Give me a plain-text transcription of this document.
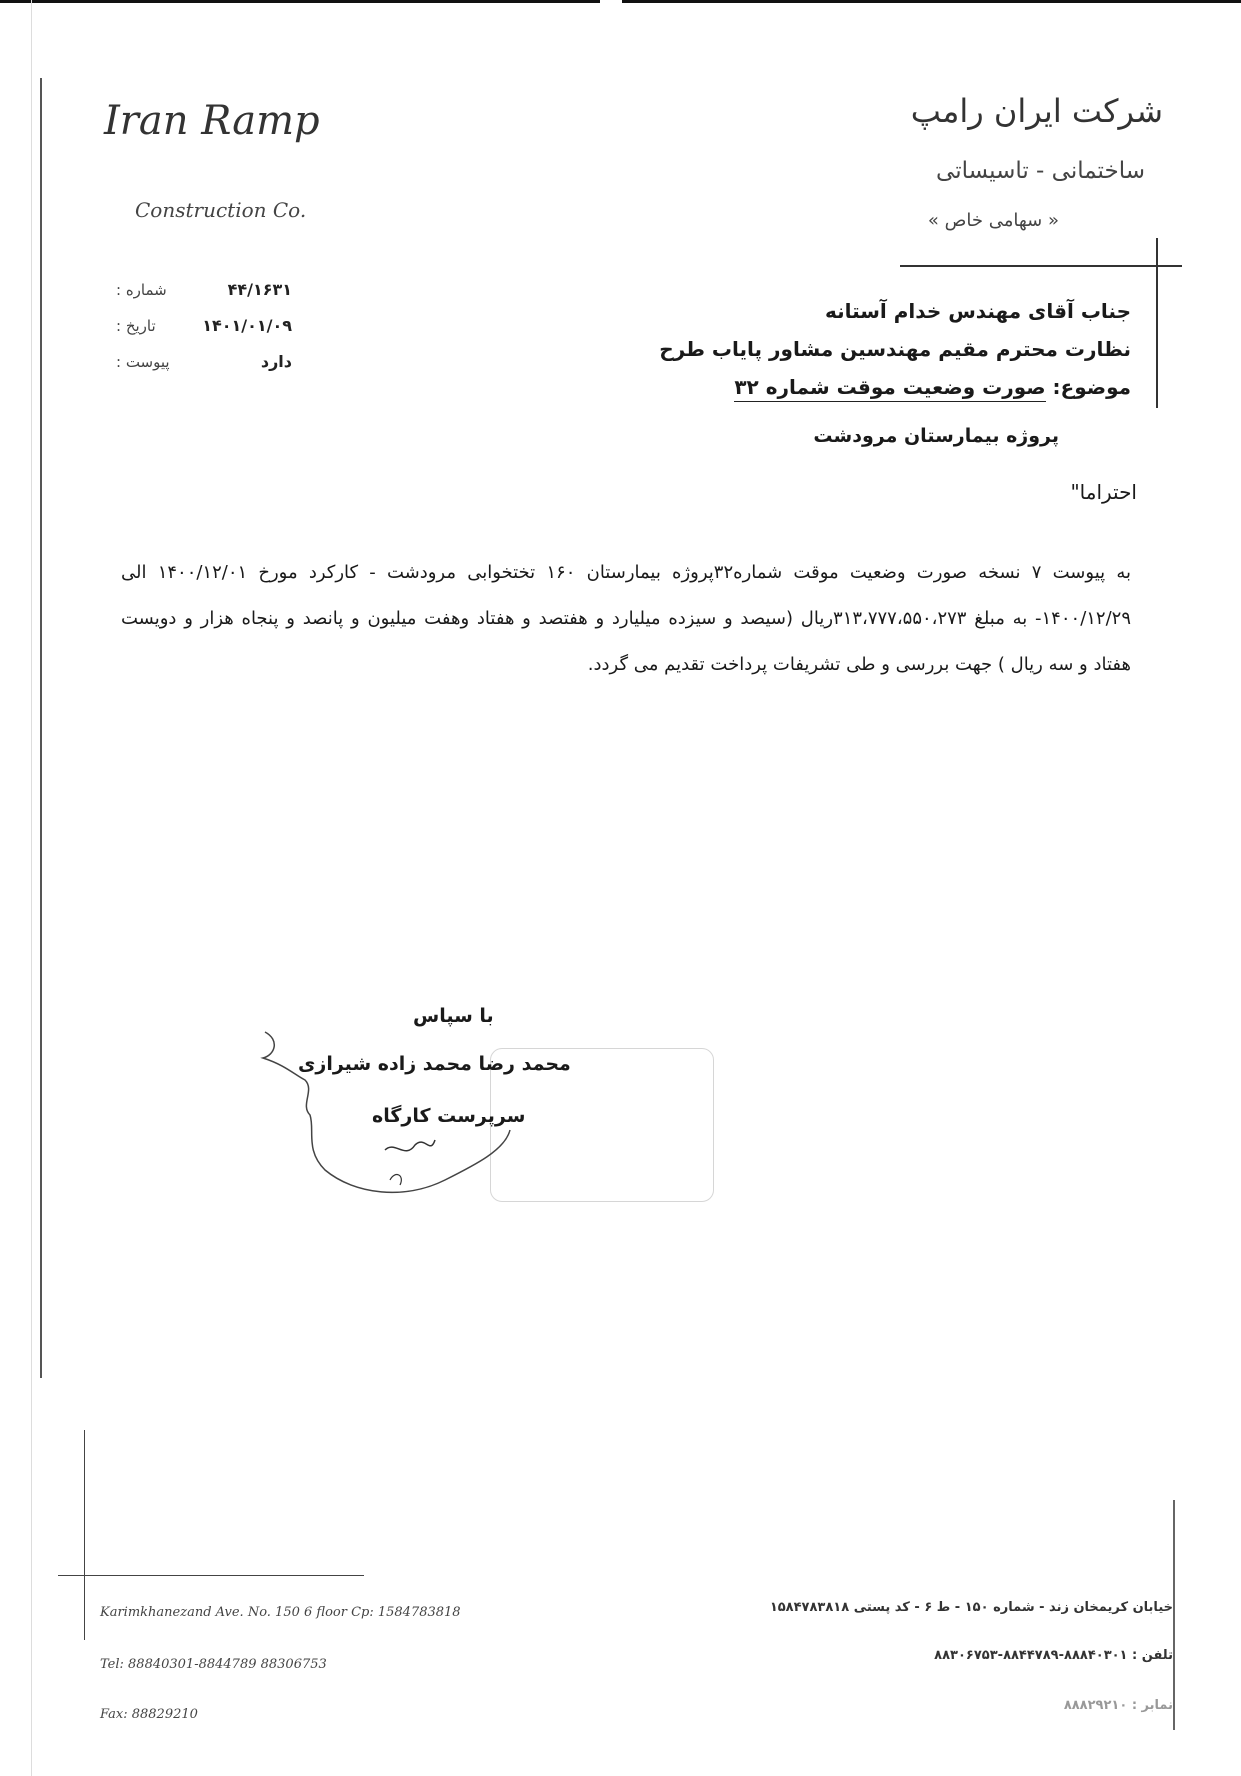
Iran Ramp
Construction Co.
شرکت ایران رامپ
ساختمانی - تاسیساتی
« سهامی خاص »
شماره :	۴۴/۱۶۳۱
تاریخ :	۱۴۰۱/۰۱/۰۹
پیوست :	دارد
جناب آقای مهندس خدام آستانه
نظارت محترم مقیم مهندسین مشاور پایاب طرح
موضوع: صورت وضعیت موقت شماره ۳۲
پروژه بیمارستان مرودشت
احتراما"
به پیوست ۷ نسخه صورت وضعیت موقت شماره۳۲پروژه بیمارستان ۱۶۰ تختخوابی مرودشت - کارکرد مورخ ۱۴۰۰/۱۲/۰۱ الی ۱۴۰۰/۱۲/۲۹- به مبلغ ۳۱۳،۷۷۷،۵۵۰،۲۷۳ریال (سیصد و سیزده میلیارد و هفتصد و هفتاد وهفت میلیون و پانصد و پنجاه هزار و دویست هفتاد و سه ریال ) جهت بررسی و طی تشریفات پرداخت تقدیم می گردد.
با سپاس
محمد رضا محمد زاده شیرازی
سرپرست کارگاه
Karimkhanezand Ave. No. 150 6 floor Cp: 1584783818
Tel: 88840301-8844789 88306753
Fax: 88829210
خیابان کریمخان زند - شماره ۱۵۰ - ط ۶ - کد پستی ۱۵۸۴۷۸۳۸۱۸
تلفن : ۸۸۸۴۰۳۰۱-۸۸۴۴۷۸۹-۸۸۳۰۶۷۵۳
نمابر : ۸۸۸۲۹۲۱۰
